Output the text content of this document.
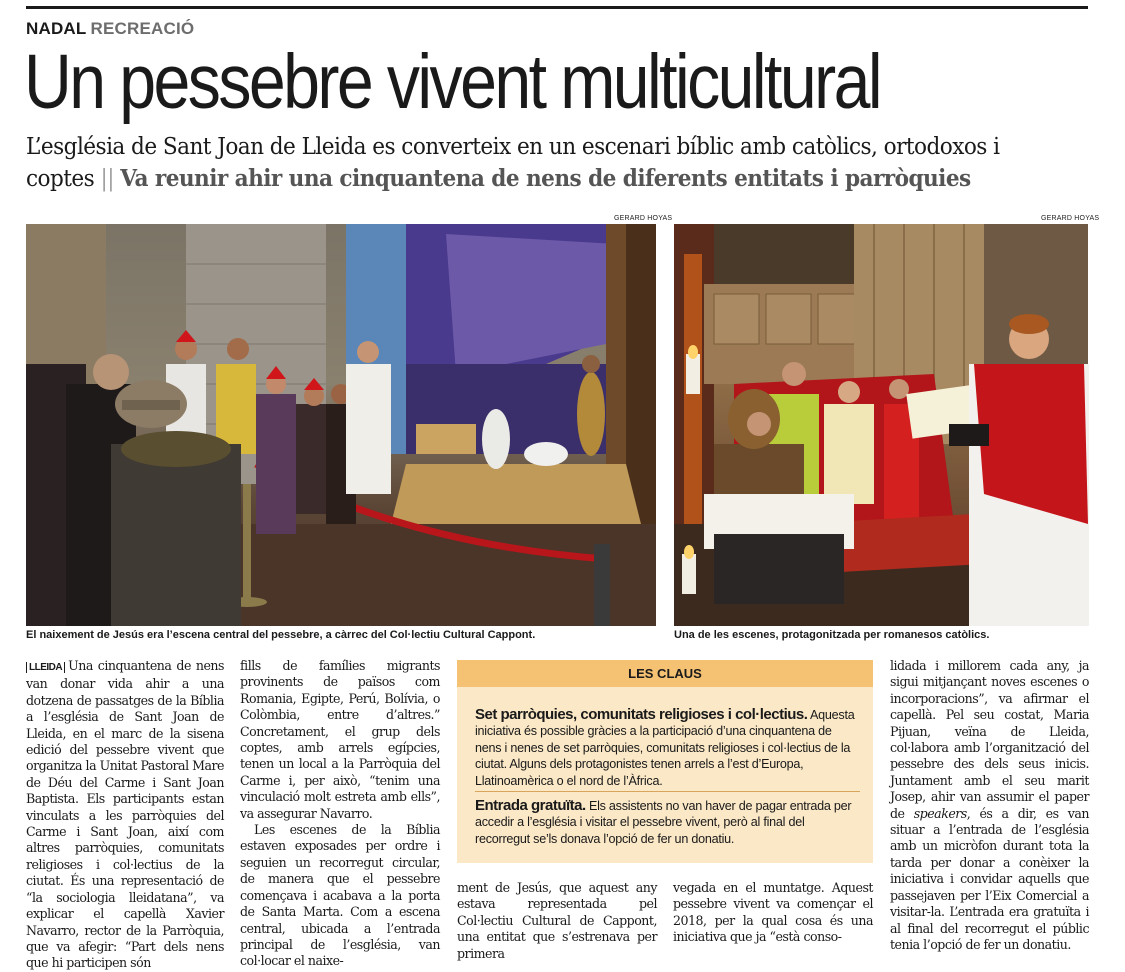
NADAL RECREACIÓ
Un pessebre vivent multicultural
L’església de Sant Joan de Lleida es converteix en un escenari bíblic amb catòlics, ortodoxos i coptes || Va reunir ahir una cinquantena de nens de diferents entitats i parròquies
GERARD HOYAS
El naixement de Jesús era l’escena central del pessebre, a càrrec del Col·lectiu Cultural Cappont.
GERARD HOYAS
Una de les escenes, protagonitzada per romanesos catòlics.

LLEIDA Una cinquantena de nens van donar vida ahir a una dotzena de passatges de la Bíblia a l’església de Sant Joan de Lleida, en el marc de la sisena edició del pessebre vivent que organitza la Unitat Pastoral Mare de Déu del Carme i Sant Joan Baptista. Els participants estan vinculats a les parròquies del Carme i Sant Joan, així com altres parròquies, comunitats religioses i col·lectius de la ciutat. És una representació de “la sociologia lleidatana”, va explicar el capellà Xavier Navarro, rector de la Parròquia, que va afegir: “Part dels nens que hi participen són

fills de famílies migrants provinents de països com Romania, Egipte, Perú, Bolívia, o Colòmbia, entre d’altres.” Concretament, el grup dels coptes, amb arrels egípcies, tenen un local a la Parròquia del Carme i, per això, “tenim una vinculació molt estreta amb ells”, va assegurar Navarro.

Les escenes de la Bíblia estaven exposades per ordre i seguien un recorregut circular, de manera que el pessebre començava i acabava a la porta de Santa Marta. Com a escena central, ubicada a l’entrada principal de l’església, van col·locar el naixe-

LES CLAUS
Set parròquies, comunitats religioses i col·lectius. Aquesta iniciativa és possible gràcies a la participació d’una cinquantena de nens i nenes de set parròquies, comunitats religioses i col·lectius de la ciutat. Alguns dels protagonistes tenen arrels a l’est d’Europa, Llatinoamèrica o el nord de l’Àfrica.
Entrada gratuïta. Els assistents no van haver de pagar entrada per accedir a l’església i visitar el pessebre vivent, però al final del recorregut se’ls donava l’opció de fer un donatiu.

ment de Jesús, que aquest any estava representada pel Col·lectiu Cultural de Cappont, una entitat que s’estrenava per primera

vegada en el muntatge. Aquest pessebre vivent va començar el 2018, per la qual cosa és una iniciativa que ja “està conso-

lidada i millorem cada any, ja sigui mitjançant noves escenes o incorporacions”, va afirmar el capellà. Pel seu costat, Maria Pijuan, veïna de Lleida, col·labora amb l’organització del pessebre des dels seus inicis. Juntament amb el seu marit Josep, ahir van assumir el paper de speakers, és a dir, es van situar a l’entrada de l’església amb un micròfon durant tota la tarda per donar a conèixer la iniciativa i convidar aquells que passejaven per l’Eix Comercial a visitar-la. L’entrada era gratuïta i al final del recorregut el públic tenia l’opció de fer un donatiu.
